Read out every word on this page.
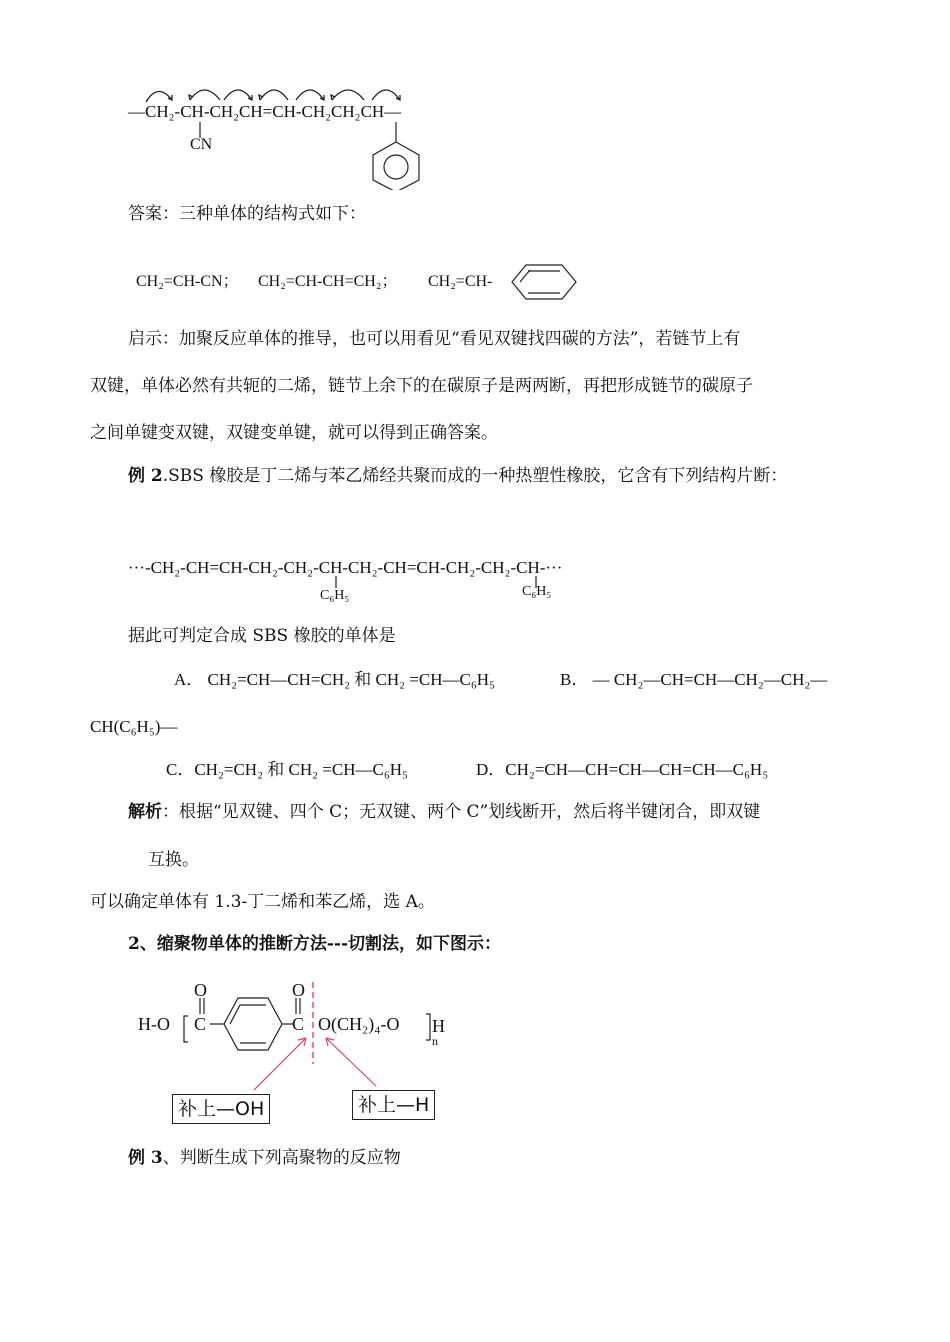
—CH₂-CH-CH₂CH=CH-CH₂CH₂CH—
CN
答案：三种单体的结构式如下：
CH₂=CH-CN； CH₂=CH-CH=CH₂； CH₂=CH-
启示：加聚反应单体的推导，也可以用看见“看见双键找四碳的方法”，若链节上有
双键，单体必然有共轭的二烯，链节上余下的在碳原子是两两断，再把形成链节的碳原子
之间单键变双键，双键变单键，就可以得到正确答案。
例 2.SBS 橡胶是丁二烯与苯乙烯经共聚而成的一种热塑性橡胶，它含有下列结构片断：
···-CH₂-CH=CH-CH₂-CH₂-CH-CH₂-CH=CH-CH₂-CH₂-CH-···
C₆H₅	C₆H₅
据此可判定合成 SBS 橡胶的单体是
A． CH₂=CH—CH=CH₂ 和 CH₂ =CH—C₆H₅	B． — CH₂—CH=CH—CH₂—CH₂—
CH(C₆H₅)—
C．CH₂=CH₂ 和 CH₂ =CH—C₆H₅	D．CH₂=CH—CH=CH—CH=CH—C₆H₅
解析：根据“见双键、四个 C；无双键、两个 C”划线断开，然后将半键闭合，即双键
互换。
可以确定单体有 1.3-丁二烯和苯乙烯，选 A。
2、缩聚物单体的推断方法---切割法，如下图示：
H-O C
O
C
O
O(CH₂)₄-O H
n
补上—OH	补上—H
例 3、判断生成下列高聚物的反应物
